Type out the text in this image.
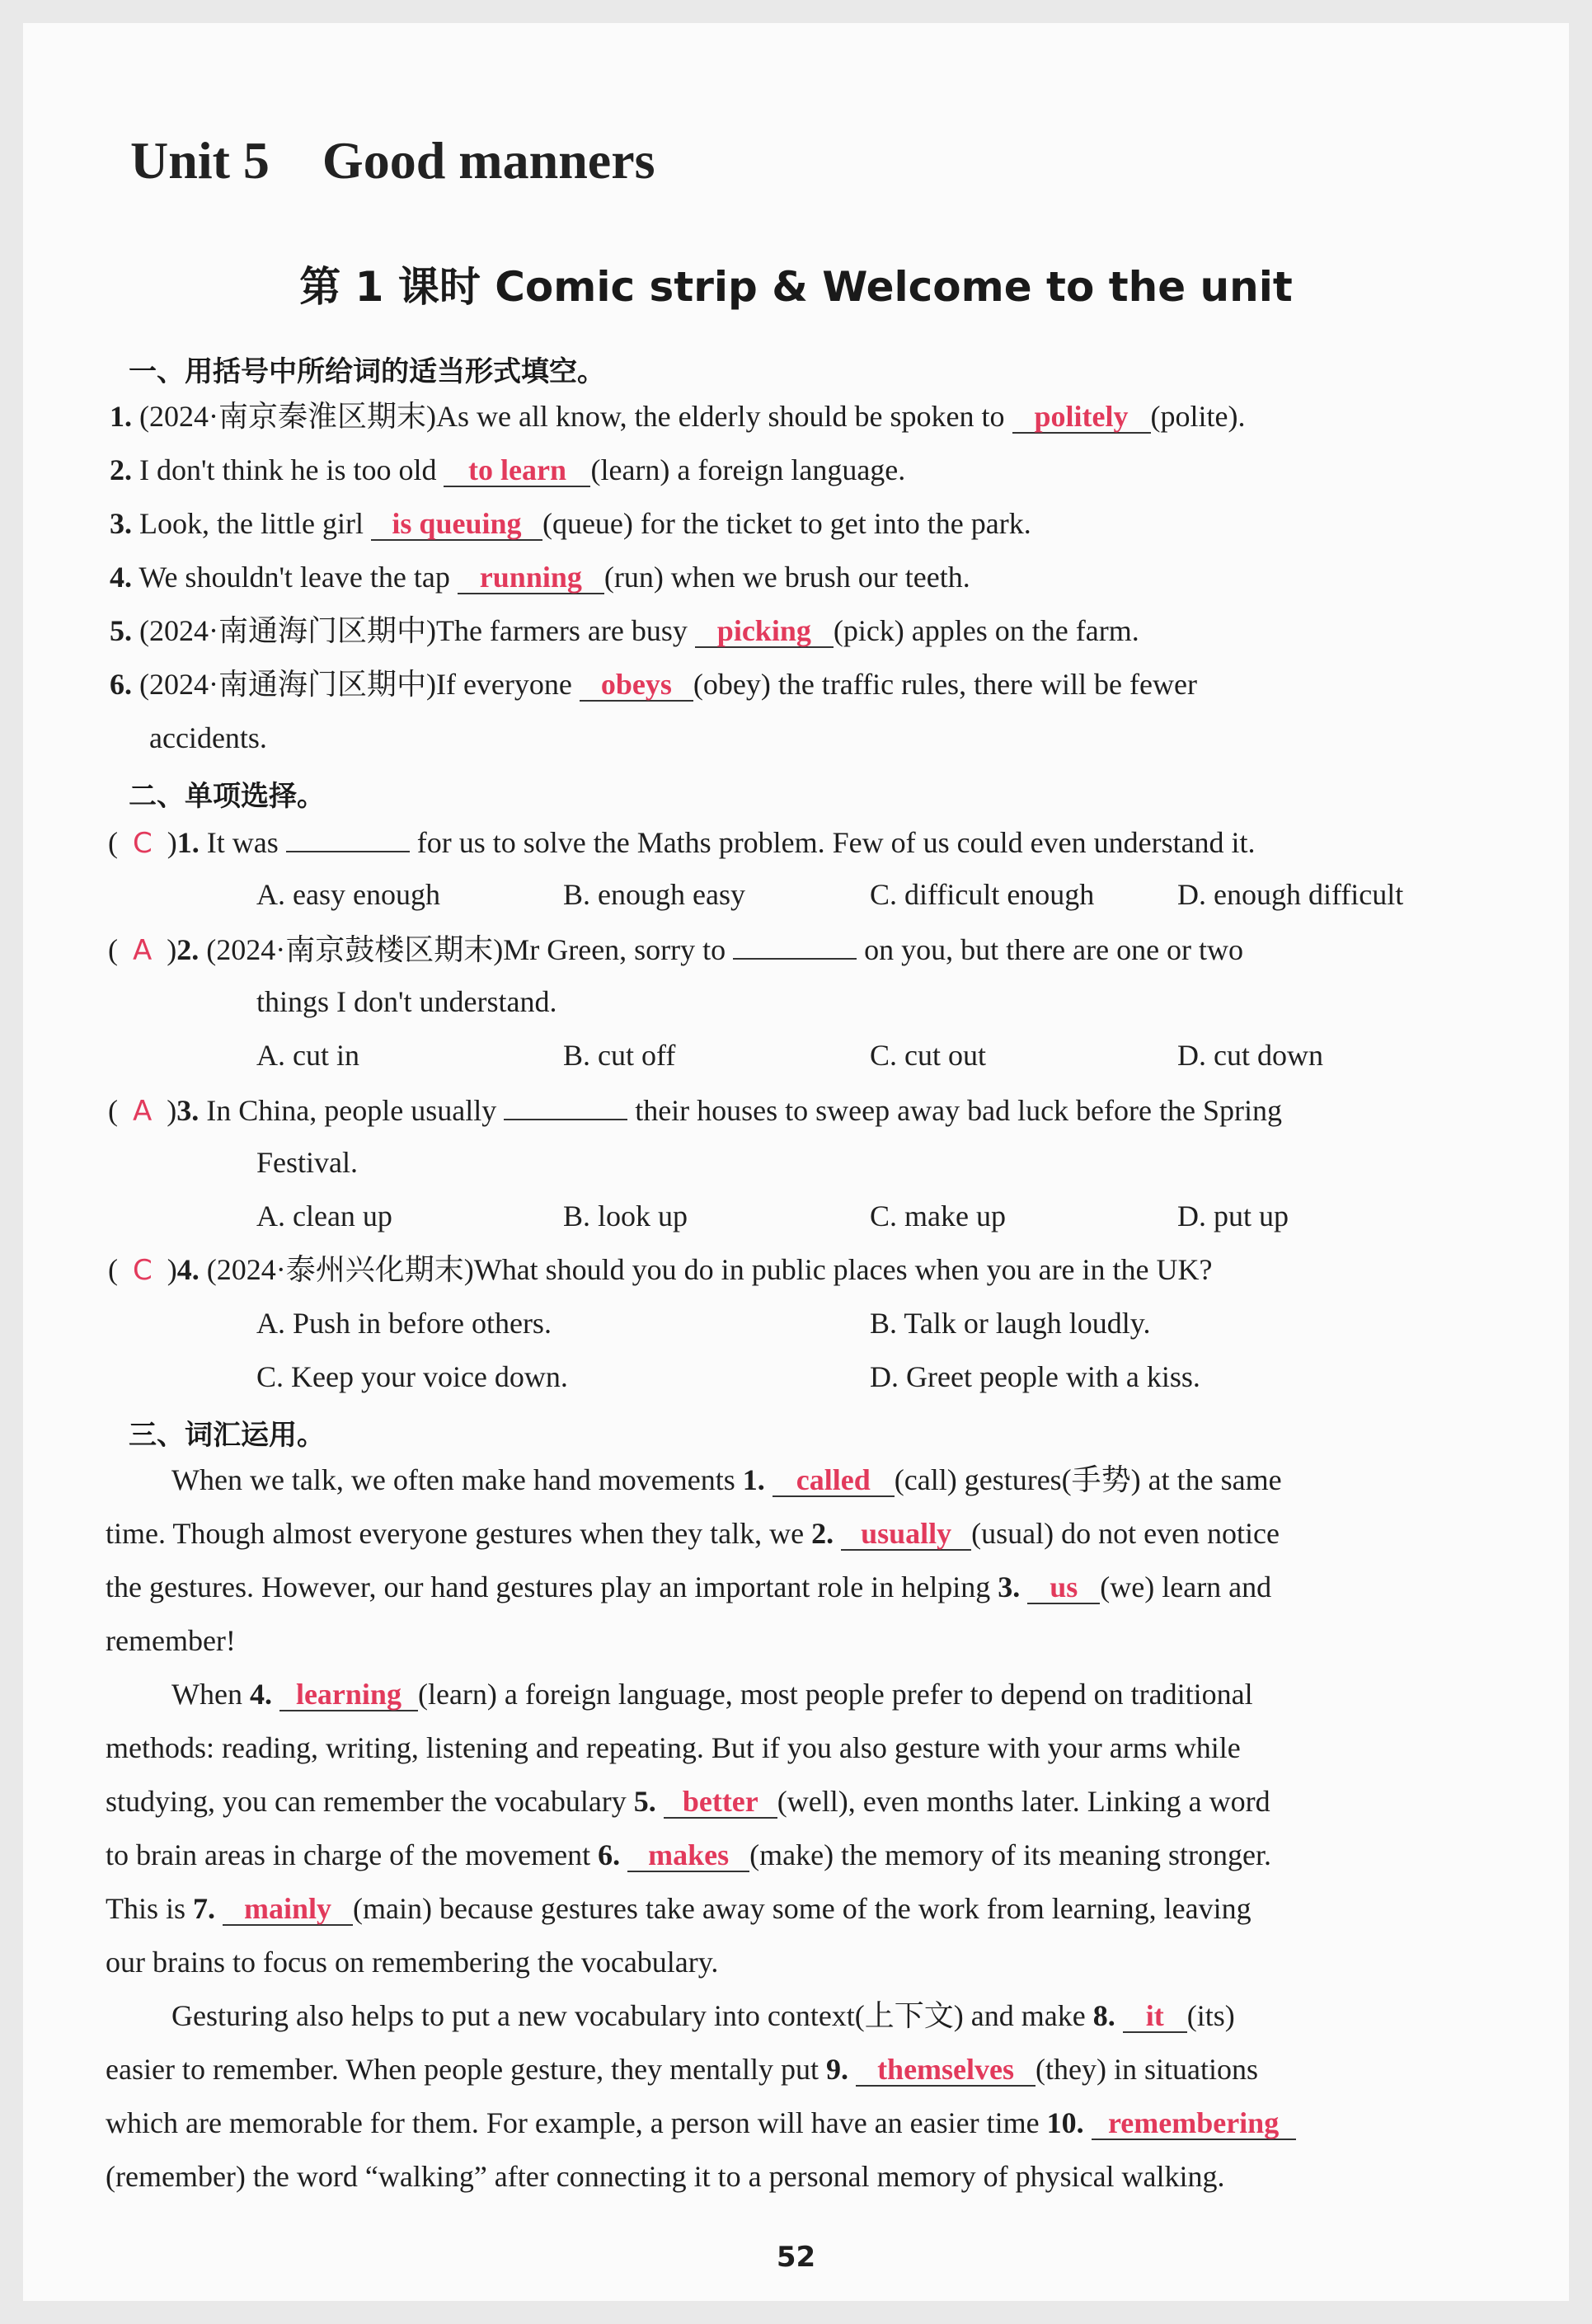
Unit 5    Good manners
第 1 课时 Comic strip & Welcome to the unit
一、用括号中所给词的适当形式填空。
1. (2024·南京秦淮区期末)As we all know, the elderly should be spoken to politely (polite).
2. I don't think he is too old to learn (learn) a foreign language.
3. Look, the little girl is queuing (queue) for the ticket to get into the park.
4. We shouldn't leave the tap running (run) when we brush our teeth.
5. (2024·南通海门区期中)The farmers are busy picking (pick) apples on the farm.
6. (2024·南通海门区期中)If everyone obeys (obey) the traffic rules, there will be fewer
accidents.
二、单项选择。
(  C  )1. It was	for us to solve the Maths problem. Few of us could even understand it.
A. easy enough	B. enough easy	C. difficult enough	D. enough difficult
(  A  )2. (2024·南京鼓楼区期末)Mr Green, sorry to	on you, but there are one or two
things I don't understand.
A. cut in	B. cut off	C. cut out	D. cut down
(  A  )3. In China, people usually	their houses to sweep away bad luck before the Spring
Festival.
A. clean up	B. look up	C. make up	D. put up
(  C  )4. (2024·泰州兴化期末)What should you do in public places when you are in the UK?
A. Push in before others.	B. Talk or laugh loudly.
C. Keep your voice down.	D. Greet people with a kiss.
三、词汇运用。
When we talk, we often make hand movements 1. called (call) gestures(手势) at the same
time. Though almost everyone gestures when they talk, we 2. usually (usual) do not even notice
the gestures. However, our hand gestures play an important role in helping 3. us (we) learn and
remember!
When 4. learning (learn) a foreign language, most people prefer to depend on traditional
methods: reading, writing, listening and repeating. But if you also gesture with your arms while
studying, you can remember the vocabulary 5. better (well), even months later. Linking a word
to brain areas in charge of the movement 6. makes (make) the memory of its meaning stronger.
This is 7. mainly (main) because gestures take away some of the work from learning, leaving
our brains to focus on remembering the vocabulary.
Gesturing also helps to put a new vocabulary into context(上下文) and make 8. it (its)
easier to remember. When people gesture, they mentally put 9. themselves (they) in situations
which are memorable for them. For example, a person will have an easier time 10. remembering
(remember) the word “walking” after connecting it to a personal memory of physical walking.
52
